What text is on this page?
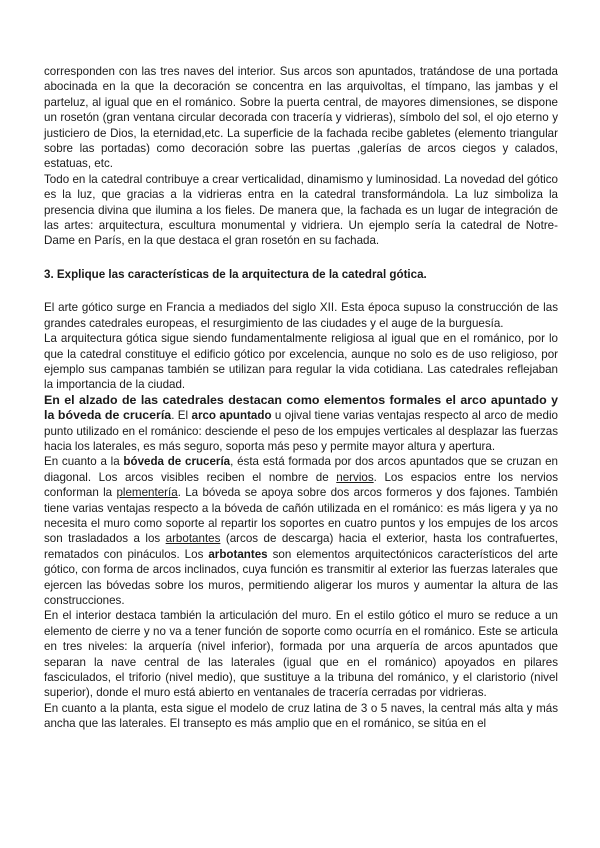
corresponden con las tres naves del interior. Sus arcos son apuntados, tratándose de una portada abocinada en la que la decoración se concentra en las arquivoltas, el tímpano, las jambas y el parteluz, al igual que en el románico. Sobre la puerta central, de mayores dimensiones, se dispone un rosetón (gran ventana circular decorada con tracería y vidrieras), símbolo del sol, el ojo eterno y justiciero de Dios, la eternidad,etc. La superficie de la fachada recibe gabletes (elemento triangular sobre las portadas) como decoración sobre las puertas ,galerías de arcos ciegos y calados, estatuas, etc.

Todo en la catedral contribuye a crear verticalidad, dinamismo y luminosidad. La novedad del gótico es la luz, que gracias a la vidrieras entra en la catedral transformándola. La luz simboliza la presencia divina que ilumina a los fieles. De manera que, la fachada es un lugar de integración de las artes: arquitectura, escultura monumental y vidriera. Un ejemplo sería la catedral de Notre-Dame en París, en la que destaca el gran rosetón en su fachada.

3. Explique las características de la arquitectura de la catedral gótica.

El arte gótico surge en Francia a mediados del siglo XII. Esta época supuso la construcción de las grandes catedrales europeas, el resurgimiento de las ciudades y el auge de la burguesía.

La arquitectura gótica sigue siendo fundamentalmente religiosa al igual que en el románico, por lo que la catedral constituye el edificio gótico por excelencia, aunque no solo es de uso religioso, por ejemplo sus campanas también se utilizan para regular la vida cotidiana. Las catedrales reflejaban la importancia de la ciudad.

En el alzado de las catedrales destacan como elementos formales el arco apuntado y la bóveda de crucería. El arco apuntado u ojival tiene varias ventajas respecto al arco de medio punto utilizado en el románico: desciende el peso de los empujes verticales al desplazar las fuerzas hacia los laterales, es más seguro, soporta más peso y permite mayor altura y apertura.

En cuanto a la bóveda de crucería, ésta está formada por dos arcos apuntados que se cruzan en diagonal. Los arcos visibles reciben el nombre de nervios. Los espacios entre los nervios conforman la plementería. La bóveda se apoya sobre dos arcos formeros y dos fajones. También tiene varias ventajas respecto a la bóveda de cañón utilizada en el románico: es más ligera y ya no necesita el muro como soporte al repartir los soportes en cuatro puntos y los empujes de los arcos son trasladados a los arbotantes (arcos de descarga) hacia el exterior, hasta los contrafuertes, rematados con pináculos. Los arbotantes son elementos arquitectónicos característicos del arte gótico, con forma de arcos inclinados, cuya función es transmitir al exterior las fuerzas laterales que ejercen las bóvedas sobre los muros, permitiendo aligerar los muros y aumentar la altura de las construcciones.

En el interior destaca también la articulación del muro. En el estilo gótico el muro se reduce a un elemento de cierre y no va a tener función de soporte como ocurría en el románico. Este se articula en tres niveles: la arquería (nivel inferior), formada por una arquería de arcos apuntados que separan la nave central de las laterales (igual que en el románico) apoyados en pilares fasciculados, el triforio (nivel medio), que sustituye a la tribuna del románico, y el claristorio (nivel superior), donde el muro está abierto en ventanales de tracería cerradas por vidrieras.

En cuanto a la planta, esta sigue el modelo de cruz latina de 3 o 5 naves, la central más alta y más ancha que las laterales. El transepto es más amplio que en el románico, se sitúa en el
